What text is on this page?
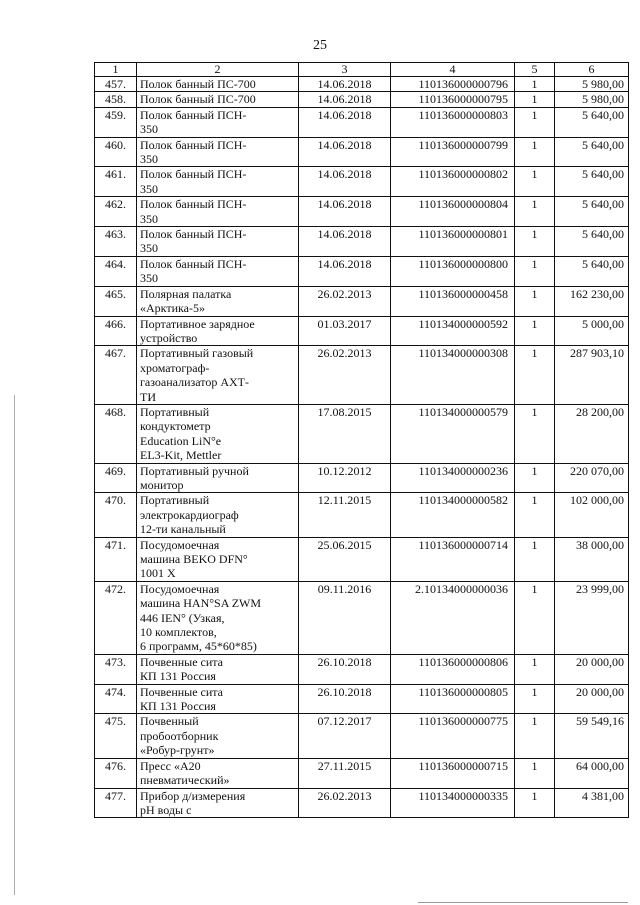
25
1	2	3	4	5	6
457.	Полок банный ПС-700	14.06.2018	110136000000796	1	5 980,00
458.	Полок банный ПС-700	14.06.2018	110136000000795	1	5 980,00
459.	Полок банный ПСН-
350	14.06.2018	110136000000803	1	5 640,00
460.	Полок банный ПСН-
350	14.06.2018	110136000000799	1	5 640,00
461.	Полок банный ПСН-
350	14.06.2018	110136000000802	1	5 640,00
462.	Полок банный ПСН-
350	14.06.2018	110136000000804	1	5 640,00
463.	Полок банный ПСН-
350	14.06.2018	110136000000801	1	5 640,00
464.	Полок банный ПСН-
350	14.06.2018	110136000000800	1	5 640,00
465.	Полярная палатка
«Арктика-5»	26.02.2013	110136000000458	1	162 230,00
466.	Портативное зарядное
устройство	01.03.2017	110134000000592	1	5 000,00
467.	Портативный газовый
хроматограф-
газоанализатор АХТ-
ТИ	26.02.2013	110134000000308	1	287 903,10
468.	Портативный
кондуктометр
Education LiN°e
EL3-Kit, Mettler	17.08.2015	110134000000579	1	28 200,00
469.	Портативный ручной
монитор	10.12.2012	110134000000236	1	220 070,00
470.	Портативный
электрокардиограф
12-ти канальный	12.11.2015	110134000000582	1	102 000,00
471.	Посудомоечная
машина BEKO DFN°
1001 X	25.06.2015	110136000000714	1	38 000,00
472.	Посудомоечная
машина HAN°SA ZWM
446 IEN° (Узкая,
10 комплектов,
6 программ, 45*60*85)	09.11.2016	2.10134000000036	1	23 999,00
473.	Почвенные сита
КП 131 Россия	26.10.2018	110136000000806	1	20 000,00
474.	Почвенные сита
КП 131 Россия	26.10.2018	110136000000805	1	20 000,00
475.	Почвенный
пробоотборник
«Робур-грунт»	07.12.2017	110136000000775	1	59 549,16
476.	Пресс «А20
пневматический»	27.11.2015	110136000000715	1	64 000,00
477.	Прибор д/измерения
рН воды с	26.02.2013	110134000000335	1	4 381,00
